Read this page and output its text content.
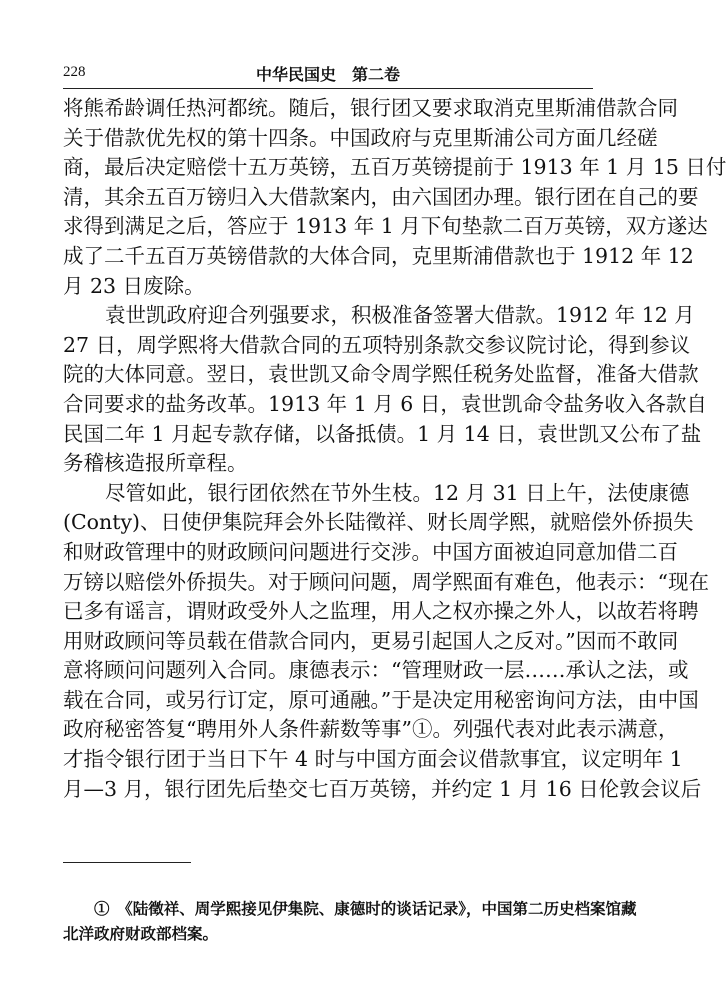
228	中华民国史　第二卷
将熊希龄调任热河都统。随后，银行团又要求取消克里斯浦借款合同
关于借款优先权的第十四条。中国政府与克里斯浦公司方面几经磋
商，最后决定赔偿十五万英镑，五百万英镑提前于 1913 年 1 月 15 日付
清，其余五百万镑归入大借款案内，由六国团办理。银行团在自己的要
求得到满足之后，答应于 1913 年 1 月下旬垫款二百万英镑，双方遂达
成了二千五百万英镑借款的大体合同，克里斯浦借款也于 1912 年 12
月 23 日废除。
袁世凯政府迎合列强要求，积极准备签署大借款。1912 年 12 月
27 日，周学熙将大借款合同的五项特别条款交参议院讨论，得到参议
院的大体同意。翌日，袁世凯又命令周学熙任税务处监督，准备大借款
合同要求的盐务改革。1913 年 1 月 6 日，袁世凯命令盐务收入各款自
民国二年 1 月起专款存储，以备抵债。1 月 14 日，袁世凯又公布了盐
务稽核造报所章程。
尽管如此，银行团依然在节外生枝。12 月 31 日上午，法使康德
(Conty)、日使伊集院拜会外长陆徵祥、财长周学熙，就赔偿外侨损失
和财政管理中的财政顾问问题进行交涉。中国方面被迫同意加借二百
万镑以赔偿外侨损失。对于顾问问题，周学熙面有难色，他表示：“现在
已多有谣言，谓财政受外人之监理，用人之权亦操之外人，以故若将聘
用财政顾问等员载在借款合同内，更易引起国人之反对。”因而不敢同
意将顾问问题列入合同。康德表示：“管理财政一层……承认之法，或
载在合同，或另行订定，原可通融。”于是决定用秘密询问方法，由中国
政府秘密答复“聘用外人条件薪数等事”①。列强代表对此表示满意，
才指令银行团于当日下午 4 时与中国方面会议借款事宜，议定明年 1
月—3 月，银行团先后垫交七百万英镑，并约定 1 月 16 日伦敦会议后
①　《陆徵祥、周学熙接见伊集院、康德时的谈话记录》，中国第二历史档案馆藏
北洋政府财政部档案。
